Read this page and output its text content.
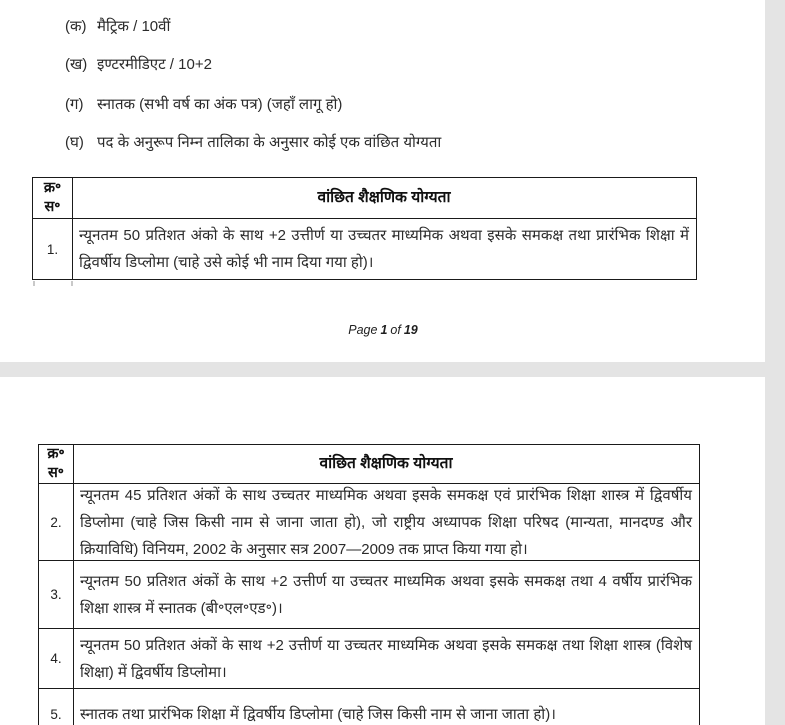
(क) मैट्रिक / 10वीं
(ख) इण्टरमीडिएट / 10+2
(ग) स्नातक (सभी वर्ष का अंक पत्र) (जहाँ लागू हो)
(घ) पद के अनुरूप निम्न तालिका के अनुसार कोई एक वांछित योग्यता
क्र॰
स॰
वांछित शैक्षणिक योग्यता
1.
न्यूनतम 50 प्रतिशत अंको के साथ +2 उत्तीर्ण या उच्चतर माध्यमिक अथवा इसके समकक्ष तथा प्रारंभिक शिक्षा में द्विवर्षीय डिप्लोमा (चाहे उसे कोई भी नाम दिया गया हो)।
Page 1 of 19
क्र॰
स॰
वांछित शैक्षणिक योग्यता
2.
न्यूनतम 45 प्रतिशत अंकों के साथ उच्चतर माध्यमिक अथवा इसके समकक्ष एवं प्रारंभिक शिक्षा शास्त्र में द्विवर्षीय डिप्लोमा (चाहे जिस किसी नाम से जाना जाता हो), जो राष्ट्रीय अध्यापक शिक्षा परिषद (मान्यता, मानदण्ड और क्रियाविधि) विनियम, 2002 के अनुसार सत्र 2007—2009 तक प्राप्त किया गया हो।
3.
न्यूनतम 50 प्रतिशत अंकों के साथ +2 उत्तीर्ण या उच्चतर माध्यमिक अथवा इसके समकक्ष तथा 4 वर्षीय प्रारंभिक शिक्षा शास्त्र में स्नातक (बी॰एल॰एड॰)।
4.
न्यूनतम 50 प्रतिशत अंकों के साथ +2 उत्तीर्ण या उच्चतर माध्यमिक अथवा इसके समकक्ष तथा शिक्षा शास्त्र (विशेष शिक्षा) में द्विवर्षीय डिप्लोमा।
5.	स्नातक तथा प्रारंभिक शिक्षा में द्विवर्षीय डिप्लोमा (चाहे जिस किसी नाम से जाना जाता हो)।
